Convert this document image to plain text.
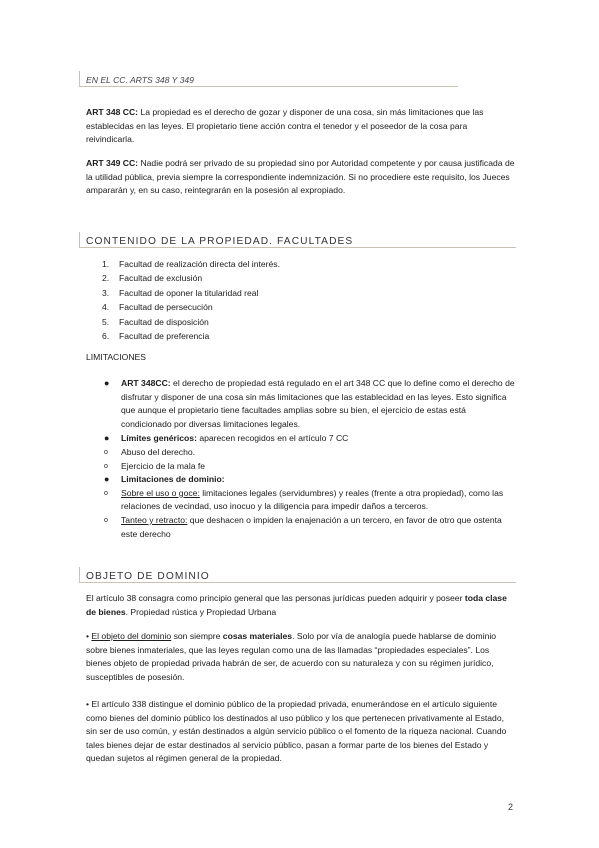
EN EL CC. ARTS 348 Y 349

ART 348 CC: La propiedad es el derecho de gozar y disponer de una cosa, sin más limitaciones que las establecidas en las leyes. El propietario tiene acción contra el tenedor y el poseedor de la cosa para reivindicarla.

ART 349 CC: Nadie podrá ser privado de su propiedad sino por Autoridad competente y por causa justificada de la utilidad pública, previa siempre la correspondiente indemnización. Si no procediere este requisito, los Jueces ampararán y, en su caso, reintegrarán en la posesión al expropiado.

CONTENIDO DE LA PROPIEDAD. FACULTADES
1. Facultad de realización directa del interés.
2. Facultad de exclusión
3. Facultad de oponer la titularidad real
4. Facultad de persecución
5. Facultad de disposición
6. Facultad de preferencia

LIMITACIONES

● ART 348CC: el derecho de propiedad está regulado en el art 348 CC que lo define como el derecho de disfrutar y disponer de una cosa sin más limitaciones que las establecidad en las leyes. Esto significa que aunque el propietario tiene facultades amplias sobre su bien, el ejercicio de estas está condicionado por diversas limitaciones legales.
● Límites genéricos: aparecen recogidos en el artículo 7 CC
o Abuso del derecho.
o Ejercicio de la mala fe
● Limitaciones de dominio:
o Sobre el uso o goce: limitaciones legales (servidumbres) y reales (frente a otra propiedad), como las relaciones de vecindad, uso inocuo y la diligencia para impedir daños a terceros.
o Tanteo y retracto: que deshacen o impiden la enajenación a un tercero, en favor de otro que ostenta este derecho
OBJETO DE DOMINIO

El artículo 38 consagra como principio general que las personas jurídicas pueden adquirir y poseer toda clase de bienes. Propiedad rústica y Propiedad Urbana

• El objeto del dominio son siempre cosas materiales. Solo por vía de analogía puede hablarse de dominio sobre bienes inmateriales, que las leyes regulan como una de las llamadas “propiedades especiales”. Los bienes objeto de propiedad privada habrán de ser, de acuerdo con su naturaleza y con su régimen jurídico, susceptibles de posesión.

• El artículo 338 distingue el dominio público de la propiedad privada, enumerándose en el artículo siguiente como bienes del dominio público los destinados al uso público y los que pertenecen privativamente al Estado, sin ser de uso común, y están destinados a algún servicio público o el fomento de la riqueza nacional. Cuando tales bienes dejar de estar destinados al servicio público, pasan a formar parte de los bienes del Estado y quedan sujetos al régimen general de la propiedad.

2
